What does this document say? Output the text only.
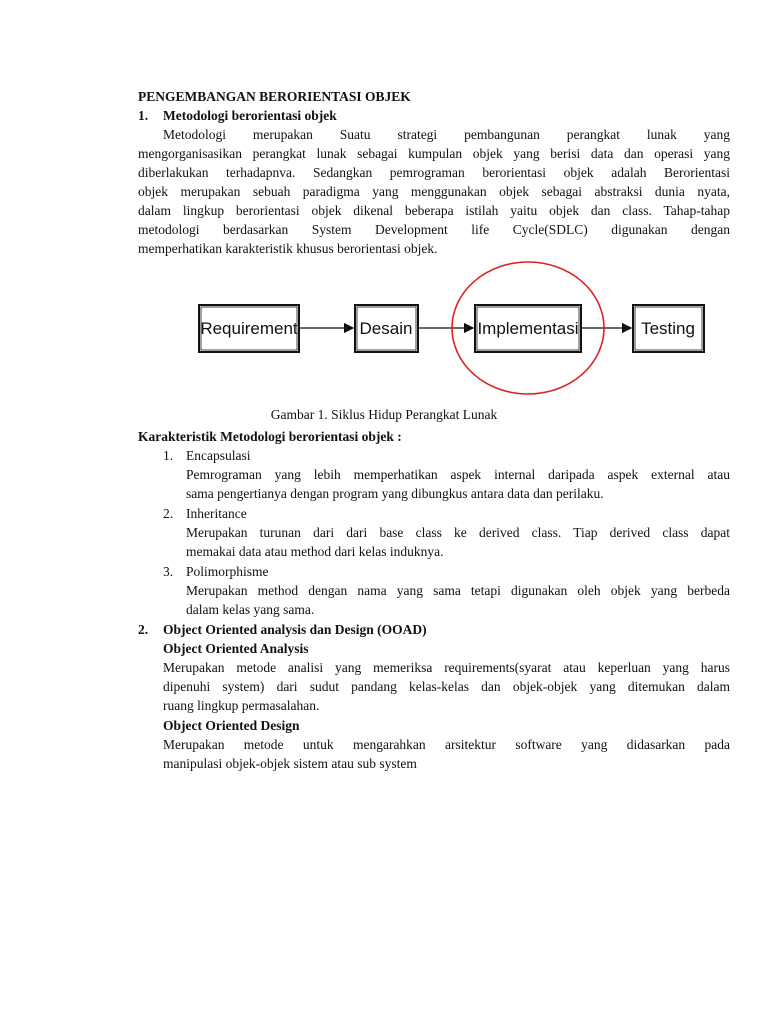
PENGEMBANGAN BERORIENTASI OBJEK
1. Metodologi berorientasi objek
Metodologi merupakan Suatu strategi pembangunan perangkat lunak yang
mengorganisasikan perangkat lunak sebagai kumpulan objek yang berisi data dan operasi yang
diberlakukan terhadapnva. Sedangkan pemrograman berorientasi objek adalah Berorientasi
objek merupakan sebuah paradigma yang menggunakan objek sebagai abstraksi dunia nyata,
dalam lingkup berorientasi objek dikenal beberapa istilah yaitu objek dan class. Tahap-tahap
metodologi berdasarkan System Development life Cycle(SDLC) digunakan dengan
memperhatikan karakteristik khusus berorientasi objek.
Requirement	Desain	Implementasi	Testing
Gambar 1. Siklus Hidup Perangkat Lunak
Karakteristik Metodologi berorientasi objek :
1. Encapsulasi
Pemrograman yang lebih memperhatikan aspek internal daripada aspek external atau
sama pengertianya dengan program yang dibungkus antara data dan perilaku.
2. Inheritance
Merupakan turunan dari dari base class ke derived class. Tiap derived class dapat
memakai data atau method dari kelas induknya.
3. Polimorphisme
Merupakan method dengan nama yang sama tetapi digunakan oleh objek yang berbeda
dalam kelas yang sama.
2. Object Oriented analysis dan Design (OOAD)
Object Oriented Analysis
Merupakan metode analisi yang memeriksa requirements(syarat atau keperluan yang harus
dipenuhi system) dari sudut pandang kelas-kelas dan objek-objek yang ditemukan dalam
ruang lingkup permasalahan.
Object Oriented Design
Merupakan metode untuk mengarahkan arsitektur software yang didasarkan pada
manipulasi objek-objek sistem atau sub system
